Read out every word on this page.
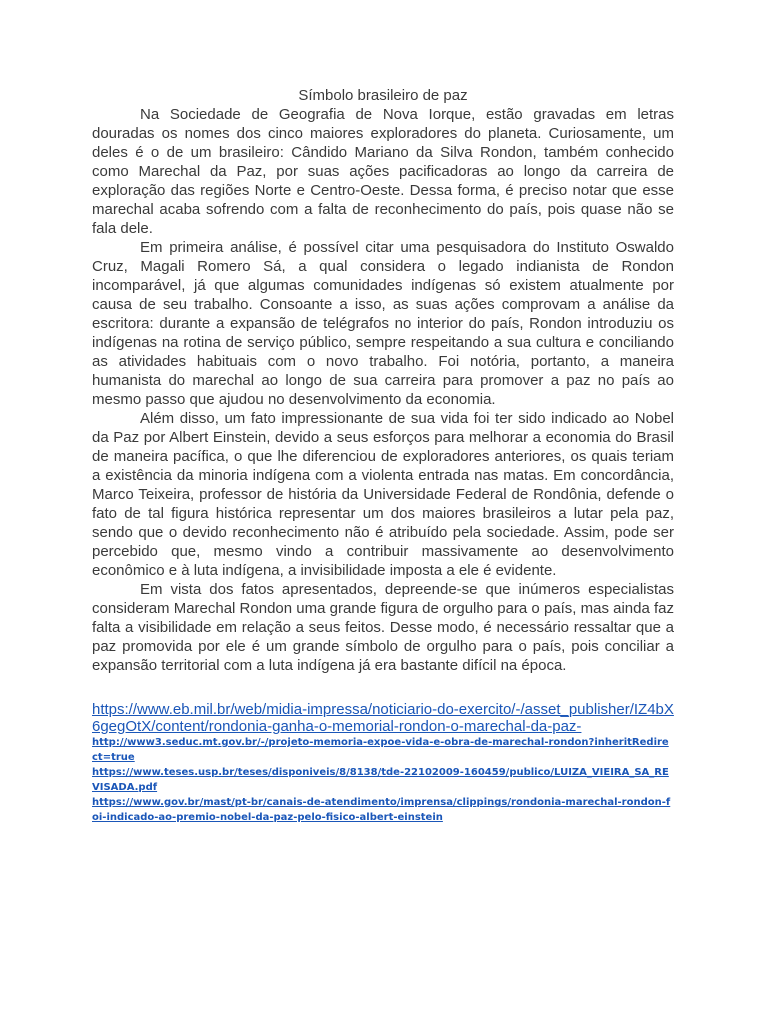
Símbolo brasileiro de paz

Na Sociedade de Geografia de Nova Iorque, estão gravadas em letras douradas os nomes dos cinco maiores exploradores do planeta. Curiosamente, um deles é o de um brasileiro: Cândido Mariano da Silva Rondon, também conhecido como Marechal da Paz, por suas ações pacificadoras ao longo da carreira de exploração das regiões Norte e Centro-Oeste. Dessa forma, é preciso notar que esse marechal acaba sofrendo com a falta de reconhecimento do país, pois quase não se fala dele.

Em primeira análise, é possível citar uma pesquisadora do Instituto Oswaldo Cruz, Magali Romero Sá, a qual considera o legado indianista de Rondon incomparável, já que algumas comunidades indígenas só existem atualmente por causa de seu trabalho. Consoante a isso, as suas ações comprovam a análise da escritora: durante a expansão de telégrafos no interior do país, Rondon introduziu os indígenas na rotina de serviço público, sempre respeitando a sua cultura e conciliando as atividades habituais com o novo trabalho. Foi notória, portanto, a maneira humanista do marechal ao longo de sua carreira para promover a paz no país ao mesmo passo que ajudou no desenvolvimento da economia.

Além disso, um fato impressionante de sua vida foi ter sido indicado ao Nobel da Paz por Albert Einstein, devido a seus esforços para melhorar a economia do Brasil de maneira pacífica, o que lhe diferenciou de exploradores anteriores, os quais teriam a existência da minoria indígena com a violenta entrada nas matas. Em concordância, Marco Teixeira, professor de história da Universidade Federal de Rondônia, defende o fato de tal figura histórica representar um dos maiores brasileiros a lutar pela paz, sendo que o devido reconhecimento não é atribuído pela sociedade. Assim, pode ser percebido que, mesmo vindo a contribuir massivamente ao desenvolvimento econômico e à luta indígena, a invisibilidade imposta a ele é evidente.

Em vista dos fatos apresentados, depreende-se que inúmeros especialistas consideram Marechal Rondon uma grande figura de orgulho para o país, mas ainda faz falta a visibilidade em relação a seus feitos. Desse modo, é necessário ressaltar que a paz promovida por ele é um grande símbolo de orgulho para o país, pois conciliar a expansão territorial com a luta indígena já era bastante difícil na época.

https://www.eb.mil.br/web/midia-impressa/noticiario-do-exercito/-/asset_publisher/IZ4bX6gegOtX/content/rondonia-ganha-o-memorial-rondon-o-marechal-da-paz-
http://www3.seduc.mt.gov.br/-/projeto-memoria-expoe-vida-e-obra-de-marechal-rondon?inheritRedirect=true
https://www.teses.usp.br/teses/disponiveis/8/8138/tde-22102009-160459/publico/LUIZA_VIEIRA_SA_REVISADA.pdf
https://www.gov.br/mast/pt-br/canais-de-atendimento/imprensa/clippings/rondonia-marechal-rondon-foi-indicado-ao-premio-nobel-da-paz-pelo-fisico-albert-einstein
